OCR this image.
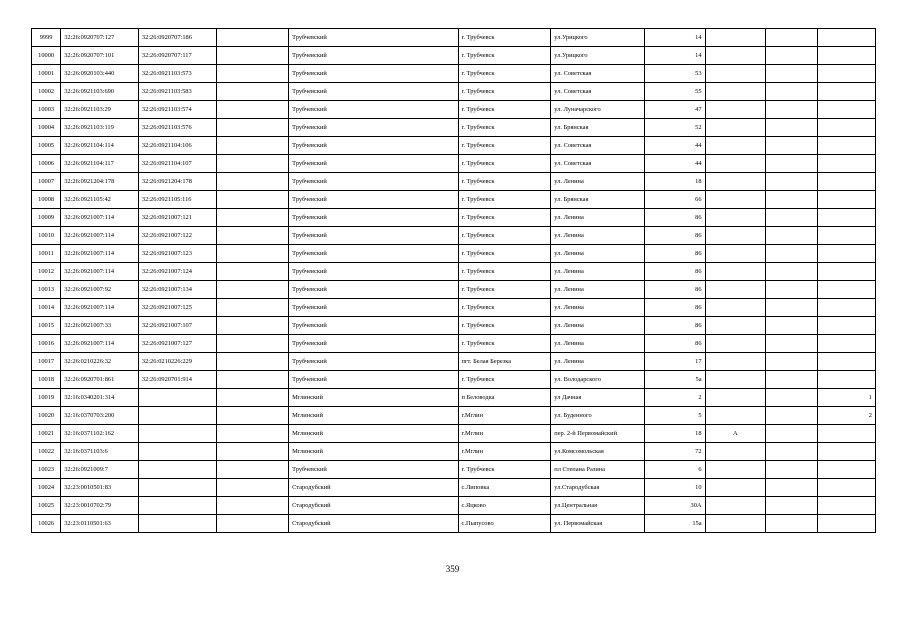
9999	32:26:0920707:127	32:26:0920707:186		Трубчевский	г. Трубчевск	ул.Урицкого	14			
10000	32:26:0920707:101	32:26:0920707:117		Трубчевский	г. Трубчевск	ул.Урицкого	14			
10001	32:26:0920103:440	32:26:0921103:573		Трубчевский	г. Трубчевск	ул. Советская	53			
10002	32:26:0921103:690	32:26:0921103:583		Трубчевский	г. Трубчевск	ул. Советская	55			
10003	32:26:0921103:29	32:26:0921103:574		Трубчевский	г. Трубчевск	ул. Луначарского	47			
10004	32:26:0921103:119	32:26:0921103:576		Трубчевский	г. Трубчевск	ул. Брянская	52			
10005	32:26:0921104:114	32:26:0921104:106		Трубчевский	г. Трубчевск	ул. Советская	44			
10006	32:26:0921104:117	32:26:0921104:107		Трубчевский	г. Трубчевск	ул. Советская	44			
10007	32:26:0921204:178	32:26:0921204:178		Трубчевский	г. Трубчевск	ул. Ленина	18			
10008	32:26:0921105:42	32:26:0921105:116		Трубчевский	г. Трубчевск	ул. Брянская	66			
10009	32:26:0921007:114	32:26:0921007:121		Трубчевский	г. Трубчевск	ул. Ленина	86			
10010	32:26:0921007:114	32:26:0921007:122		Трубчевский	г. Трубчевск	ул. Ленина	86			
10011	32:26:0921007:114	32:26:0921007:123		Трубчевский	г. Трубчевск	ул. Ленина	86			
10012	32:26:0921007:114	32:26:0921007:124		Трубчевский	г. Трубчевск	ул. Ленина	86			
10013	32:26:0921007:92	32:26:0921007:134		Трубчевский	г. Трубчевск	ул. Ленина	86			
10014	32:26:0921007:114	32:26:0921007:125		Трубчевский	г. Трубчевск	ул. Ленина	86			
10015	32:26:0921007:33	32:26:0921007:107		Трубчевский	г. Трубчевск	ул. Ленина	86			
10016	32:26:0921007:114	32:26:0921007:127		Трубчевский	г. Трубчевск	ул. Ленина	86			
10017	32:26:0210226:32	32:26:0210226:229		Трубчевский	пгт. Белая Березка	ул. Ленина	17			
10018	32:26:0920701:861	32:26:0920701:914		Трубчевский	г. Трубчевск	ул. Володарского	5а			
10019	32:16:0340201:314			Мглинский	п Беловодка	ул Дачная	2			1
10020	32:16:0370703:200			Мглинский	г.Мглин	ул. Буденного	5			2
10021	32:16:0371102:162			Мглинский	г.Мглин	пер. 2-й Первомайский	18	А		
10022	32:16:0371103:6			Мглинский	г.Мглин	ул.Комсомольская	72			
10023	32:26:0921009:7			Трубчевский	г. Трубчевск	пл Степана Разина	6			
10024	32:23:0010501:83			Стародубский	с.Липовка	ул.Стародубская	10			
10025	32:23:0010702:79			Стародубский	с.Яцково	ул.Центральная	30А			
10026	32:23:0110501:63			Стародубский	с.Пыпусово	ул. Первомайская	15а			
359
